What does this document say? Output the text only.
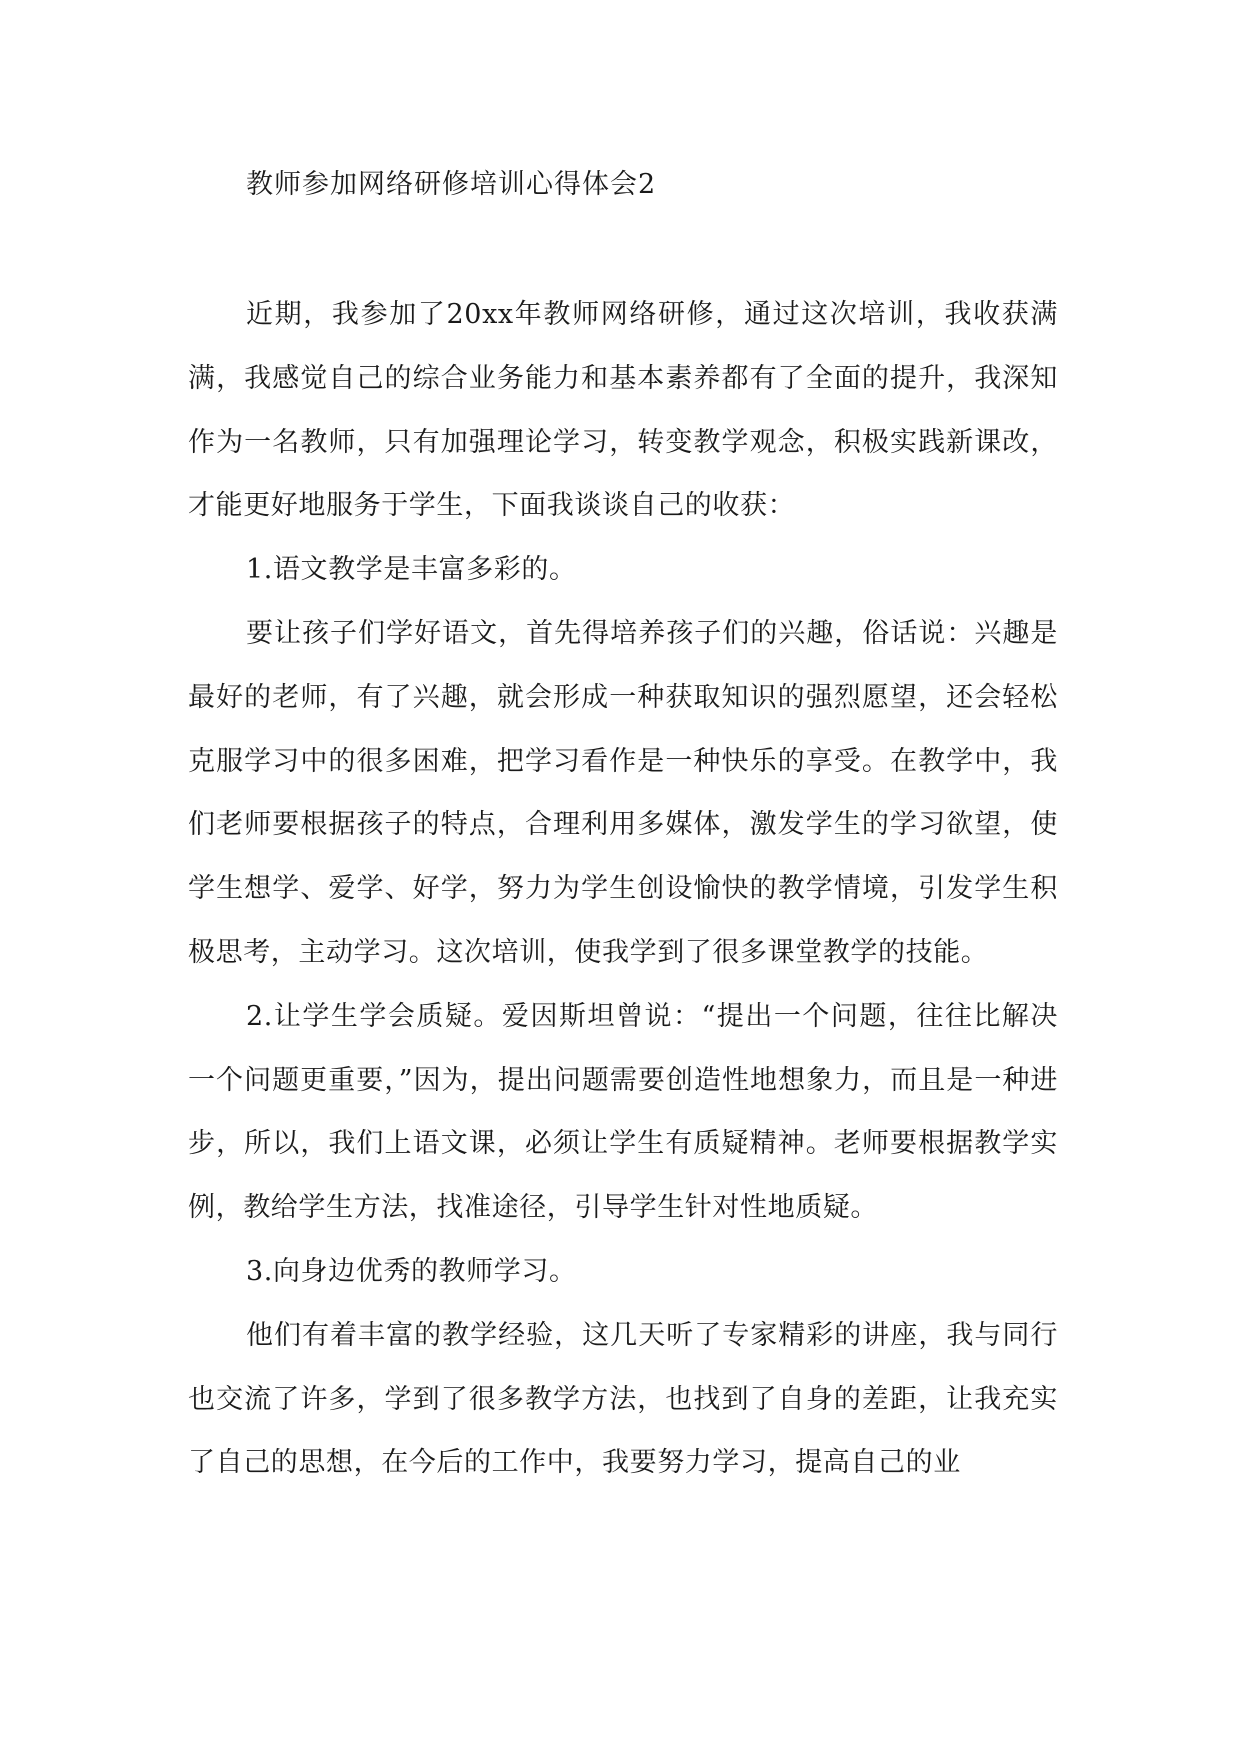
教师参加网络研修培训心得体会2

近期，我参加了20xx年教师网络研修，通过这次培训，我收获满满，我感觉自己的综合业务能力和基本素养都有了全面的提升，我深知作为一名教师，只有加强理论学习，转变教学观念，积极实践新课改，才能更好地服务于学生，下面我谈谈自己的收获：

1.语文教学是丰富多彩的。

要让孩子们学好语文，首先得培养孩子们的兴趣，俗话说：兴趣是最好的老师，有了兴趣，就会形成一种获取知识的强烈愿望，还会轻松克服学习中的很多困难，把学习看作是一种快乐的享受。在教学中，我们老师要根据孩子的特点，合理利用多媒体，激发学生的学习欲望，使学生想学、爱学、好学，努力为学生创设愉快的教学情境，引发学生积极思考，主动学习。这次培训，使我学到了很多课堂教学的技能。

2.让学生学会质疑。爱因斯坦曾说：“提出一个问题，往往比解决一个问题更重要，”因为，提出问题需要创造性地想象力，而且是一种进步，所以，我们上语文课，必须让学生有质疑精神。老师要根据教学实例，教给学生方法，找准途径，引导学生针对性地质疑。

3.向身边优秀的教师学习。

他们有着丰富的教学经验，这几天听了专家精彩的讲座，我与同行也交流了许多，学到了很多教学方法，也找到了自身的差距，让我充实了自己的思想，在今后的工作中，我要努力学习，提高自己的业
